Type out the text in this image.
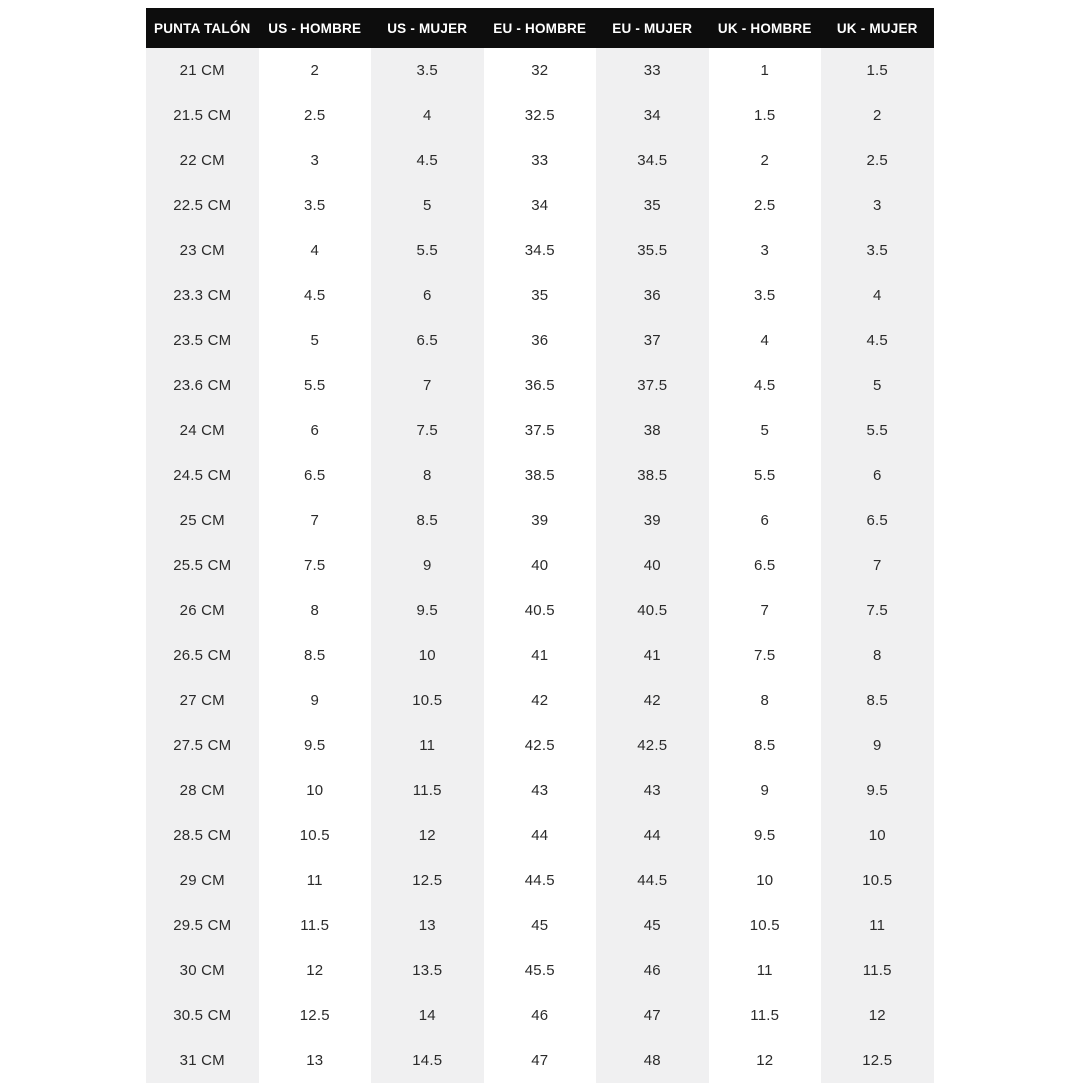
PUNTA TALÓN	US - HOMBRE	US - MUJER	EU - HOMBRE	EU - MUJER	UK - HOMBRE	UK - MUJER
21 CM	2	3.5	32	33	1	1.5
21.5 CM	2.5	4	32.5	34	1.5	2
22 CM	3	4.5	33	34.5	2	2.5
22.5 CM	3.5	5	34	35	2.5	3
23 CM	4	5.5	34.5	35.5	3	3.5
23.3 CM	4.5	6	35	36	3.5	4
23.5 CM	5	6.5	36	37	4	4.5
23.6 CM	5.5	7	36.5	37.5	4.5	5
24 CM	6	7.5	37.5	38	5	5.5
24.5 CM	6.5	8	38.5	38.5	5.5	6
25 CM	7	8.5	39	39	6	6.5
25.5 CM	7.5	9	40	40	6.5	7
26 CM	8	9.5	40.5	40.5	7	7.5
26.5 CM	8.5	10	41	41	7.5	8
27 CM	9	10.5	42	42	8	8.5
27.5 CM	9.5	11	42.5	42.5	8.5	9
28 CM	10	11.5	43	43	9	9.5
28.5 CM	10.5	12	44	44	9.5	10
29 CM	11	12.5	44.5	44.5	10	10.5
29.5 CM	11.5	13	45	45	10.5	11
30 CM	12	13.5	45.5	46	11	11.5
30.5 CM	12.5	14	46	47	11.5	12
31 CM	13	14.5	47	48	12	12.5
